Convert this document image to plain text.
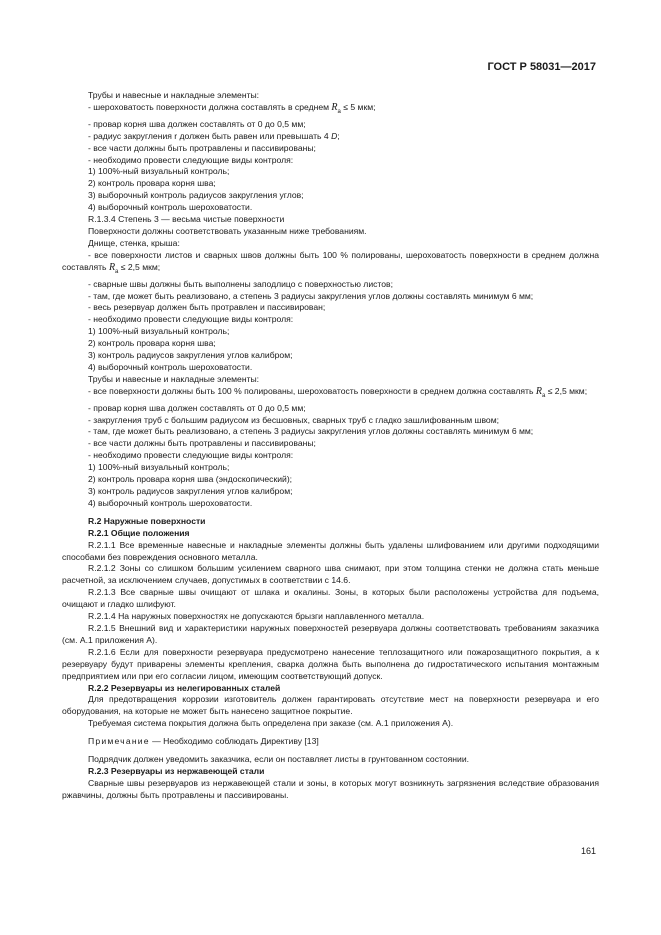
ГОСТ Р 58031—2017

Трубы и навесные и накладные элементы:

- шероховатость поверхности должна составлять в среднем $R_a \le 5$ мкм;

- провар корня шва должен составлять от 0 до 0,5 мм;

- радиус закругления r должен быть равен или превышать 4 D;

- все части должны быть протравлены и пассивированы;

- необходимо провести следующие виды контроля:

1) 100%-ный визуальный контроль;

2) контроль провара корня шва;

3) выборочный контроль радиусов закругления углов;

4) выборочный контроль шероховатости.

R.1.3.4 Степень 3 — весьма чистые поверхности

Поверхности должны соответствовать указанным ниже требованиям.

Днище, стенка, крыша:

- все поверхности листов и сварных швов должны быть 100 % полированы, шероховатость поверхности в среднем должна составлять $R_a \le 2,5$ мкм;

- сварные швы должны быть выполнены заподлицо с поверхностью листов;

- там, где может быть реализовано, а степень 3 радиусы закругления углов должны составлять минимум 6 мм;

- весь резервуар должен быть протравлен и пассивирован;

- необходимо провести следующие виды контроля:

1) 100%-ный визуальный контроль;

2) контроль провара корня шва;

3) контроль радиусов закругления углов калибром;

4) выборочный контроль шероховатости.

Трубы и навесные и накладные элементы:

- все поверхности должны быть 100 % полированы, шероховатость поверхности в среднем должна составлять $R_a \le 2,5$ мкм;

- провар корня шва должен составлять от 0 до 0,5 мм;

- закругления труб с большим радиусом из бесшовных, сварных труб с гладко зашлифованным швом;

- там, где может быть реализовано, а степень 3 радиусы закругления углов должны составлять минимум 6 мм;

- все части должны быть протравлены и пассивированы;

- необходимо провести следующие виды контроля:

1) 100%-ный визуальный контроль;

2) контроль провара корня шва (эндоскопический);

3) контроль радиусов закругления углов калибром;

4) выборочный контроль шероховатости.

R.2 Наружные поверхности

R.2.1 Общие положения

R.2.1.1 Все временные навесные и накладные элементы должны быть удалены шлифованием или другими подходящими способами без повреждения основного металла.

R.2.1.2 Зоны со слишком большим усилением сварного шва снимают, при этом толщина стенки не должна стать меньше расчетной, за исключением случаев, допустимых в соответствии с 14.6.

R.2.1.3 Все сварные швы очищают от шлака и окалины. Зоны, в которых были расположены устройства для подъема, очищают и гладко шлифуют.

R.2.1.4 На наружных поверхностях не допускаются брызги наплавленного металла.

R.2.1.5 Внешний вид и характеристики наружных поверхностей резервуара должны соответствовать требованиям заказчика (см. А.1 приложения А).

R.2.1.6 Если для поверхности резервуара предусмотрено нанесение теплозащитного или пожарозащитного покрытия, а к резервуару будут приварены элементы крепления, сварка должна быть выполнена до гидростатического испытания монтажным предприятием или при его согласии лицом, имеющим соответствующий допуск.

R.2.2 Резервуары из нелегированных сталей

Для предотвращения коррозии изготовитель должен гарантировать отсутствие мест на поверхности резервуара и его оборудования, на которые не может быть нанесено защитное покрытие.

Требуемая система покрытия должна быть определена при заказе (см. А.1 приложения А).

Примечание — Необходимо соблюдать Директиву [13]

Подрядчик должен уведомить заказчика, если он поставляет листы в грунтованном состоянии.

R.2.3 Резервуары из нержавеющей стали

Сварные швы резервуаров из нержавеющей стали и зоны, в которых могут возникнуть загрязнения вследствие образования ржавчины, должны быть протравлены и пассивированы.

161
